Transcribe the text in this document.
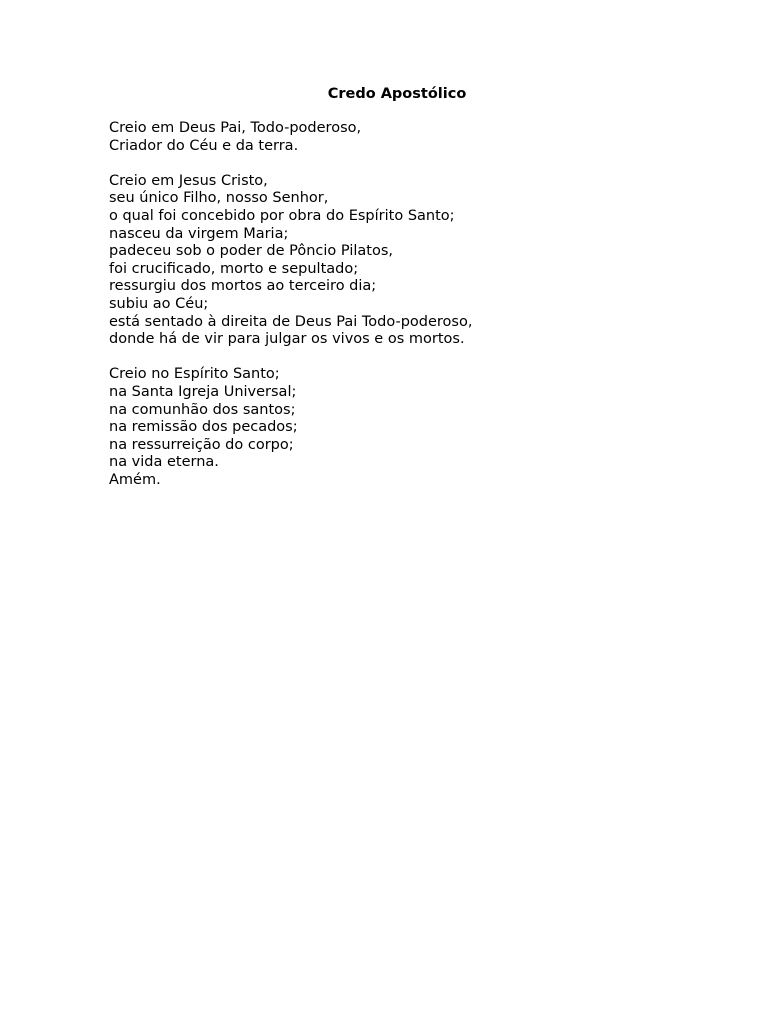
Credo Apostólico
Creio em Deus Pai, Todo-poderoso,
Criador do Céu e da terra.
Creio em Jesus Cristo,
seu único Filho, nosso Senhor,
o qual foi concebido por obra do Espírito Santo;
nasceu da virgem Maria;
padeceu sob o poder de Pôncio Pilatos,
foi crucificado, morto e sepultado;
ressurgiu dos mortos ao terceiro dia;
subiu ao Céu;
está sentado à direita de Deus Pai Todo-poderoso,
donde há de vir para julgar os vivos e os mortos.
Creio no Espírito Santo;
na Santa Igreja Universal;
na comunhão dos santos;
na remissão dos pecados;
na ressurreição do corpo;
na vida eterna.
Amém.
